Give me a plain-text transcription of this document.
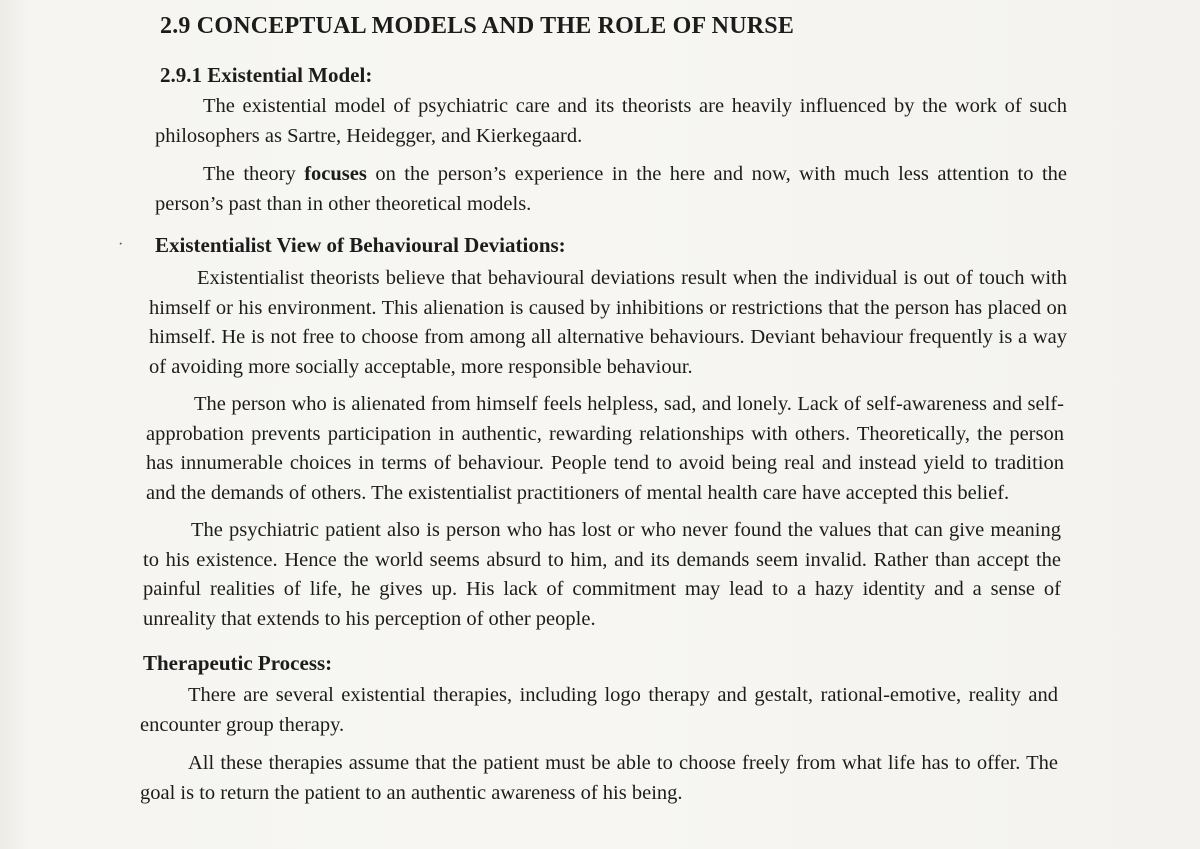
·
2.9 CONCEPTUAL MODELS AND THE ROLE OF NURSE
2.9.1 Existential Model:

The existential model of psychiatric care and its theorists are heavily influenced by the work of such philosophers as Sartre, Heidegger, and Kierkegaard.

The theory focuses on the person’s experience in the here and now, with much less attention to the person’s past than in other theoretical models.

Existentialist View of Behavioural Deviations:

Existentialist theorists believe that behavioural deviations result when the individual is out of touch with himself or his environment. This alienation is caused by inhibitions or restrictions that the person has placed on himself. He is not free to choose from among all alternative behaviours. Deviant behaviour frequently is a way of avoiding more socially acceptable, more responsible behaviour.

The person who is alienated from himself feels helpless, sad, and lonely. Lack of self-awareness and self-approbation prevents participation in authentic, rewarding relationships with others. Theoretically, the person has innumerable choices in terms of behaviour. People tend to avoid being real and instead yield to tradition and the demands of others. The existentialist practitioners of mental health care have accepted this belief.

The psychiatric patient also is person who has lost or who never found the values that can give meaning to his existence. Hence the world seems absurd to him, and its demands seem invalid. Rather than accept the painful realities of life, he gives up. His lack of commitment may lead to a hazy identity and a sense of unreality that extends to his perception of other people.

Therapeutic Process:

There are several existential therapies, including logo therapy and gestalt, rational-emotive, reality and encounter group therapy.

All these therapies assume that the patient must be able to choose freely from what life has to offer. The goal is to return the patient to an authentic awareness of his being.
